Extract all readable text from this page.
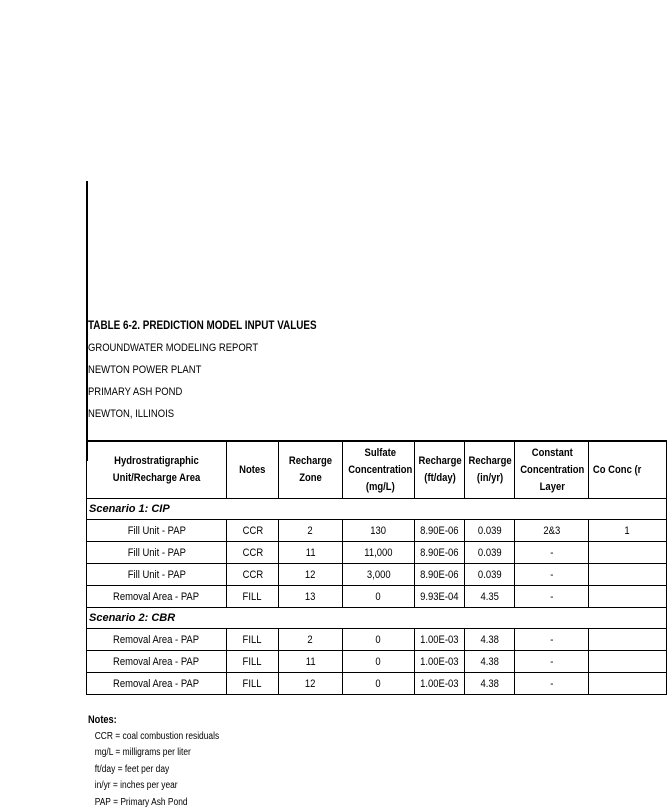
TABLE 6-2. PREDICTION MODEL INPUT VALUES
GROUNDWATER MODELING REPORT
NEWTON POWER PLANT
PRIMARY ASH POND
NEWTON, ILLINOIS
Hydrostratigraphic Unit/Recharge Area	Notes	Recharge Zone	Sulfate Concentration (mg/L)	Recharge (ft/day)	Recharge (in/yr)	Constant Concentration Layer	Co Conc (r
Scenario 1: CIP							
Fill Unit - PAP	CCR	2	130	8.90E-06	0.039	2&3	1
Fill Unit - PAP	CCR	11	11,000	8.90E-06	0.039	-	
Fill Unit - PAP	CCR	12	3,000	8.90E-06	0.039	-	
Removal Area - PAP	FILL	13	0	9.93E-04	4.35	-	
Scenario 2: CBR							
Removal Area - PAP	FILL	2	0	1.00E-03	4.38	-	
Removal Area - PAP	FILL	11	0	1.00E-03	4.38	-	
Removal Area - PAP	FILL	12	0	1.00E-03	4.38	-	
Notes:
CCR = coal combustion residuals
mg/L = milligrams per liter
ft/day = feet per day
in/yr = inches per year
PAP = Primary Ash Pond
